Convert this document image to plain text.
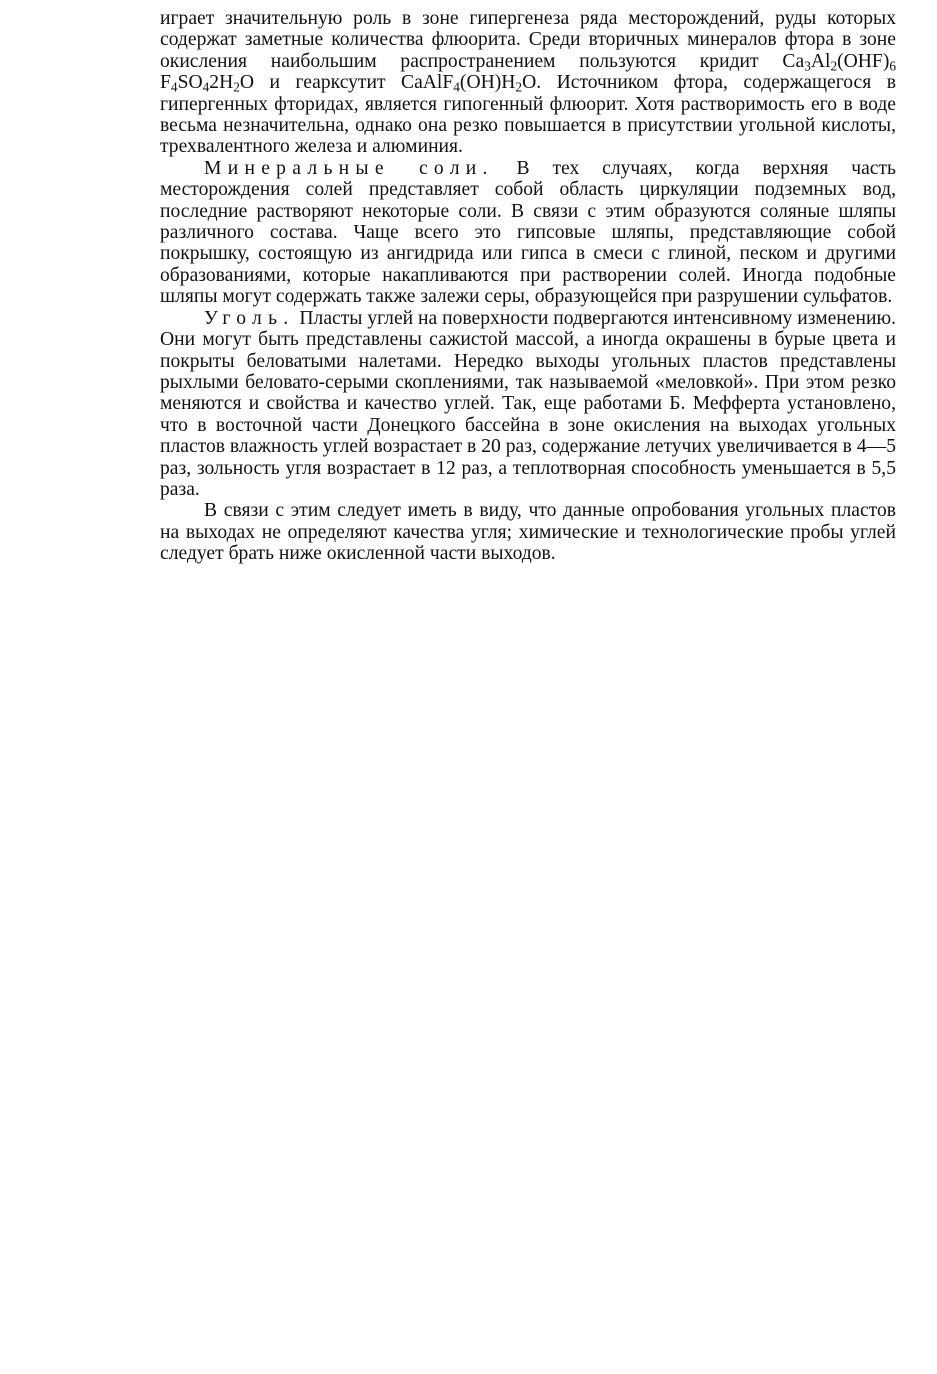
играет значительную роль в зоне гипергенеза ряда месторождений, руды которых содержат заметные количества флюорита. Среди вторичных минералов фтора в зоне окисления наибольшим распространением пользуются кридит $Ca_3Al_2(OHF)_6$ $F_4SO_42H_2O$ и геарксутит $CaAlF_4(OH)H_2O$. Источником фтора, содержащегося в гипергенных фторидах, является гипогенный флюорит. Хотя растворимость его в воде весьма незначительна, однако она резко повышается в присутствии угольной кислоты, трехвалентного железа и алюминия.

Минеральные соли. В тех случаях, когда верхняя часть месторождения солей представляет собой область циркуляции подземных вод, последние растворяют некоторые соли. В связи с этим образуются соляные шляпы различного состава. Чаще всего это гипсовые шляпы, представляющие собой покрышку, состоящую из ангидрида или гипса в смеси с глиной, песком и другими образованиями, которые накапливаются при растворении солей. Иногда подобные шляпы могут содержать также залежи серы, образующейся при разрушении сульфатов.

Уголь. Пласты углей на поверхности подвергаются интенсивному изменению. Они могут быть представлены сажистой массой, а иногда окрашены в бурые цвета и покрыты беловатыми налетами. Нередко выходы угольных пластов представлены рыхлыми беловато-серыми скоплениями, так называемой «меловкой». При этом резко меняются и свойства и качество углей. Так, еще работами Б. Мефферта установлено, что в восточной части Донецкого бассейна в зоне окисления на выходах угольных пластов влажность углей возрастает в 20 раз, содержание летучих увеличивается в 4—5 раз, зольность угля возрастает в 12 раз, а теплотворная способность уменьшается в 5,5 раза.

В связи с этим следует иметь в виду, что данные опробования угольных пластов на выходах не определяют качества угля; химические и технологические пробы углей следует брать ниже окисленной части выходов.
